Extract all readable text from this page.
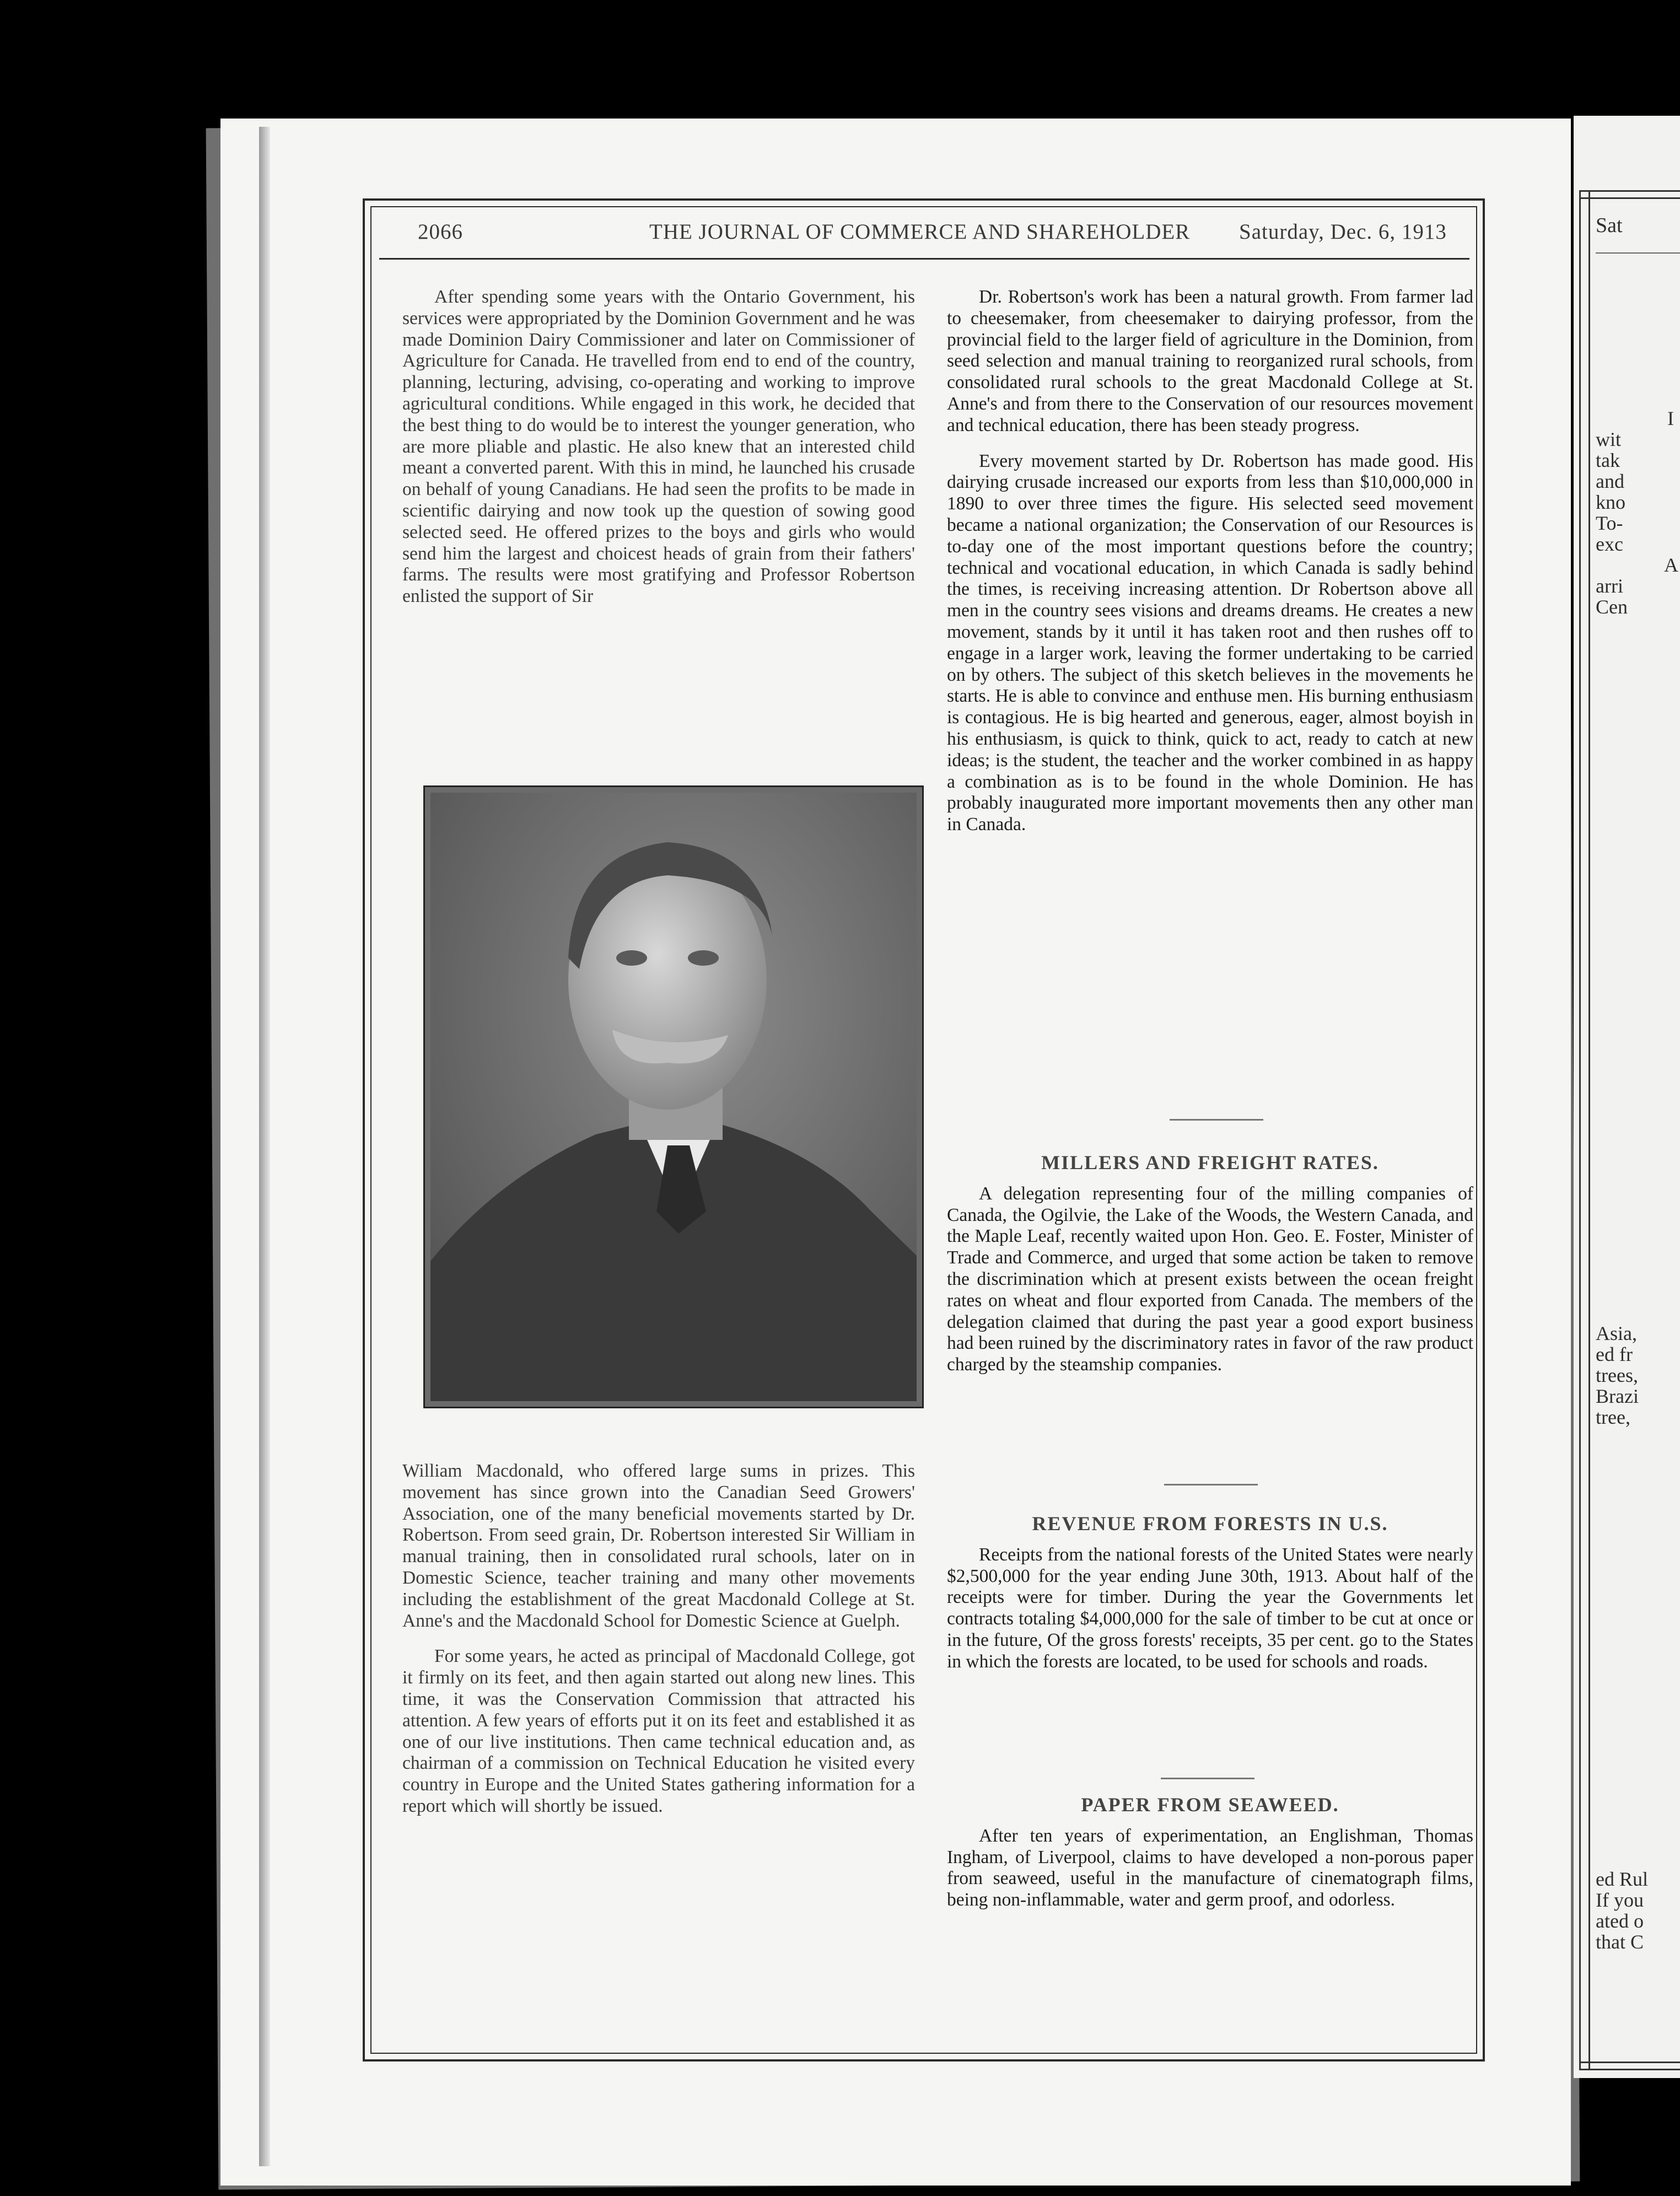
Sat
I
wit
tak
and
kno
To-
exc
A
arri
Cen
Asia,
ed fr
trees,
Brazi
tree,
ed Rul
If you
ated o
that C
2066	THE JOURNAL OF COMMERCE AND SHAREHOLDER Saturday, Dec. 6, 1913

After spending some years with the Ontario Government, his services were appropriated by the Dominion Government and he was made Dominion Dairy Commissioner and later on Commissioner of Agriculture for Canada. He travelled from end to end of the country, planning, lecturing, advising, co-operating and working to improve agricultural conditions. While engaged in this work, he decided that the best thing to do would be to interest the younger generation, who are more pliable and plastic. He also knew that an interested child meant a converted parent. With this in mind, he launched his crusade on behalf of young Canadians. He had seen the profits to be made in scientific dairying and now took up the question of sowing good selected seed. He offered prizes to the boys and girls who would send him the largest and choicest heads of grain from their fathers' farms. The results were most gratifying and Professor Robertson enlisted the support of Sir

William Macdonald, who offered large sums in prizes. This movement has since grown into the Canadian Seed Growers' Association, one of the many beneficial movements started by Dr. Robertson. From seed grain, Dr. Robertson interested Sir William in manual training, then in consolidated rural schools, later on in Domestic Science, teacher training and many other movements including the establishment of the great Macdonald College at St. Anne's and the Macdonald School for Domestic Science at Guelph.

For some years, he acted as principal of Macdonald College, got it firmly on its feet, and then again started out along new lines. This time, it was the Conservation Commission that attracted his attention. A few years of efforts put it on its feet and established it as one of our live institutions. Then came technical education and, as chairman of a commission on Technical Education he visited every country in Europe and the United States gathering information for a report which will shortly be issued.

Dr. Robertson's work has been a natural growth. From farmer lad to cheesemaker, from cheesemaker to dairying professor, from the provincial field to the larger field of agriculture in the Dominion, from seed selection and manual training to reorganized rural schools, from consolidated rural schools to the great Macdonald College at St. Anne's and from there to the Conservation of our resources movement and technical education, there has been steady progress.

Every movement started by Dr. Robertson has made good. His dairying crusade increased our exports from less than $10,000,000 in 1890 to over three times the figure. His selected seed movement became a national organization; the Conservation of our Resources is to-day one of the most important questions before the country; technical and vocational education, in which Canada is sadly behind the times, is receiving increasing attention. Dr Robertson above all men in the country sees visions and dreams dreams. He creates a new movement, stands by it until it has taken root and then rushes off to engage in a larger work, leaving the former undertaking to be carried on by others. The subject of this sketch believes in the movements he starts. He is able to convince and enthuse men. His burning enthusiasm is contagious. He is big hearted and generous, eager, almost boyish in his enthusiasm, is quick to think, quick to act, ready to catch at new ideas; is the student, the teacher and the worker combined in as happy a combination as is to be found in the whole Dominion. He has probably inaugurated more important movements then any other man in Canada.

MILLERS AND FREIGHT RATES.

A delegation representing four of the milling companies of Canada, the Ogilvie, the Lake of the Woods, the Western Canada, and the Maple Leaf, recently waited upon Hon. Geo. E. Foster, Minister of Trade and Commerce, and urged that some action be taken to remove the discrimination which at present exists between the ocean freight rates on wheat and flour exported from Canada. The members of the delegation claimed that during the past year a good export business had been ruined by the discriminatory rates in favor of the raw product charged by the steamship companies.

REVENUE FROM FORESTS IN U.S.

Receipts from the national forests of the United States were nearly $2,500,000 for the year ending June 30th, 1913. About half of the receipts were for timber. During the year the Governments let contracts totaling $4,000,000 for the sale of timber to be cut at once or in the future, Of the gross forests' receipts, 35 per cent. go to the States in which the forests are located, to be used for schools and roads.

PAPER FROM SEAWEED.

After ten years of experimentation, an Englishman, Thomas Ingham, of Liverpool, claims to have developed a non-porous paper from seaweed, useful in the manufacture of cinematograph films, being non-inflammable, water and germ proof, and odorless.
